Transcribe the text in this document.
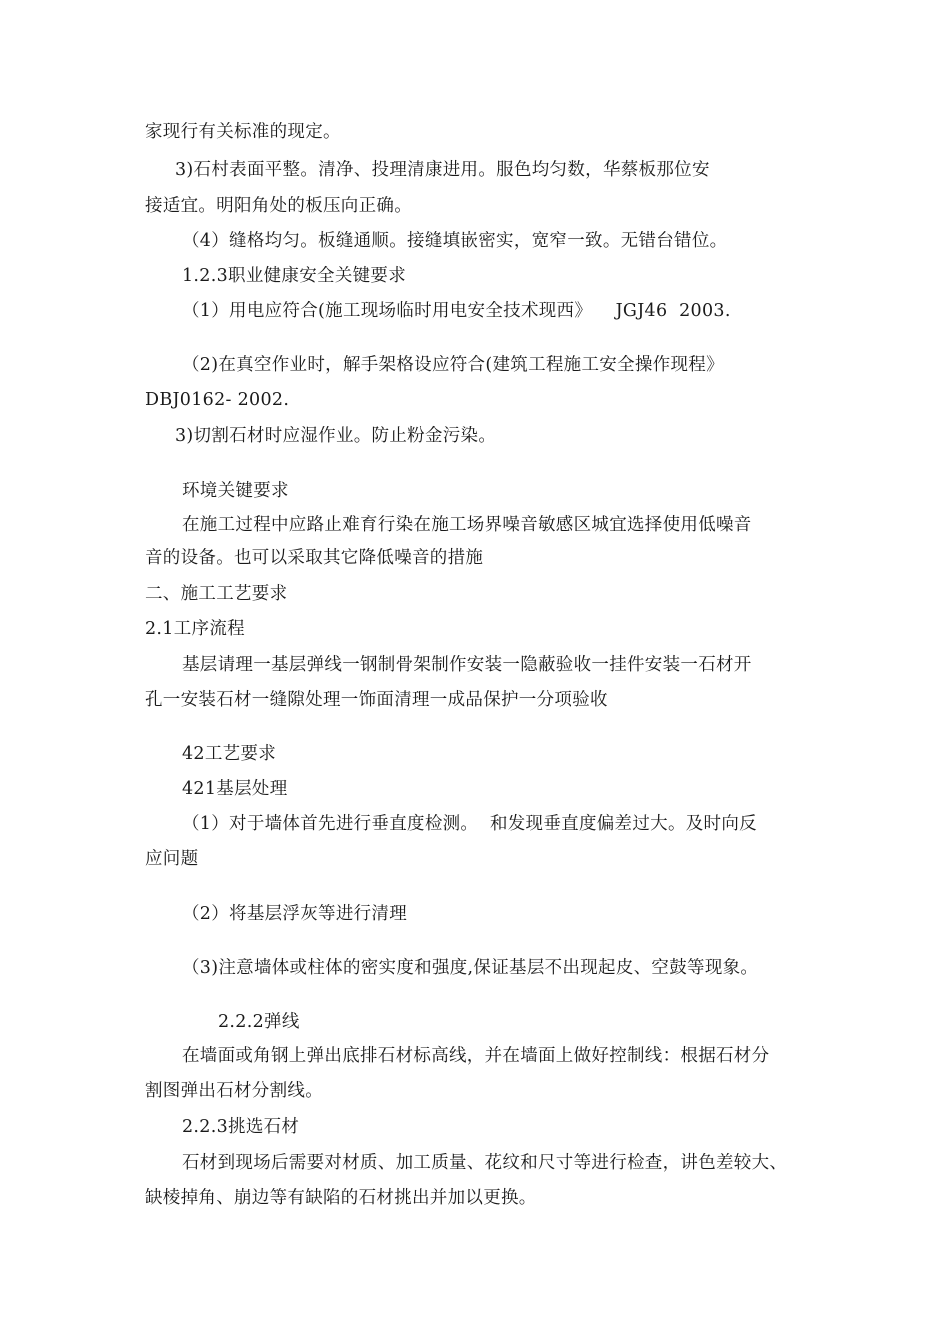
家现行有关标准的现定。
3)石村表面平整。清净、投理清康进用。服色均匀数，华蔡板那位安
接适宜。明阳角处的板压向正确。
（4）缝格均匀。板缝通顺。接缝填嵌密实，宽窄一致。无错台错位。
1.2.3职业健康安全关键要求
（1）用电应符合(施工现场临时用电安全技术现西》    JGJ46  2003.
（2)在真空作业时，解手架格设应符合(建筑工程施工安全操作现程》
DBJ0162- 2002.
3)切割石材时应湿作业。防止粉金污染。
环境关键要求
在施工过程中应路止难育行染在施工场界噪音敏感区城宜选择使用低噪音
音的设备。也可以采取其它降低噪音的措施
二、施工工艺要求
2.1工序流程
基层请理一基层弹线一钢制骨架制作安装一隐蔽验收一挂件安装一石材开
孔一安装石材一缝隙处理一饰面清理一成品保护一分项验收
42工艺要求
421基层处理
（1）对于墙体首先进行垂直度检测。  和发现垂直度偏差过大。及时向反
应问题
（2）将基层浮灰等进行清理
（3)注意墙体或柱体的密实度和强度,保证基层不出现起皮、空鼓等现象。
2.2.2弹线
在墙面或角钢上弹出底排石材标高线，并在墙面上做好控制线：根据石材分
割图弹出石材分割线。
2.2.3挑选石材
石材到现场后需要对材质、加工质量、花纹和尺寸等进行检查，讲色差较大、
缺棱掉角、崩边等有缺陷的石材挑出并加以更换。
